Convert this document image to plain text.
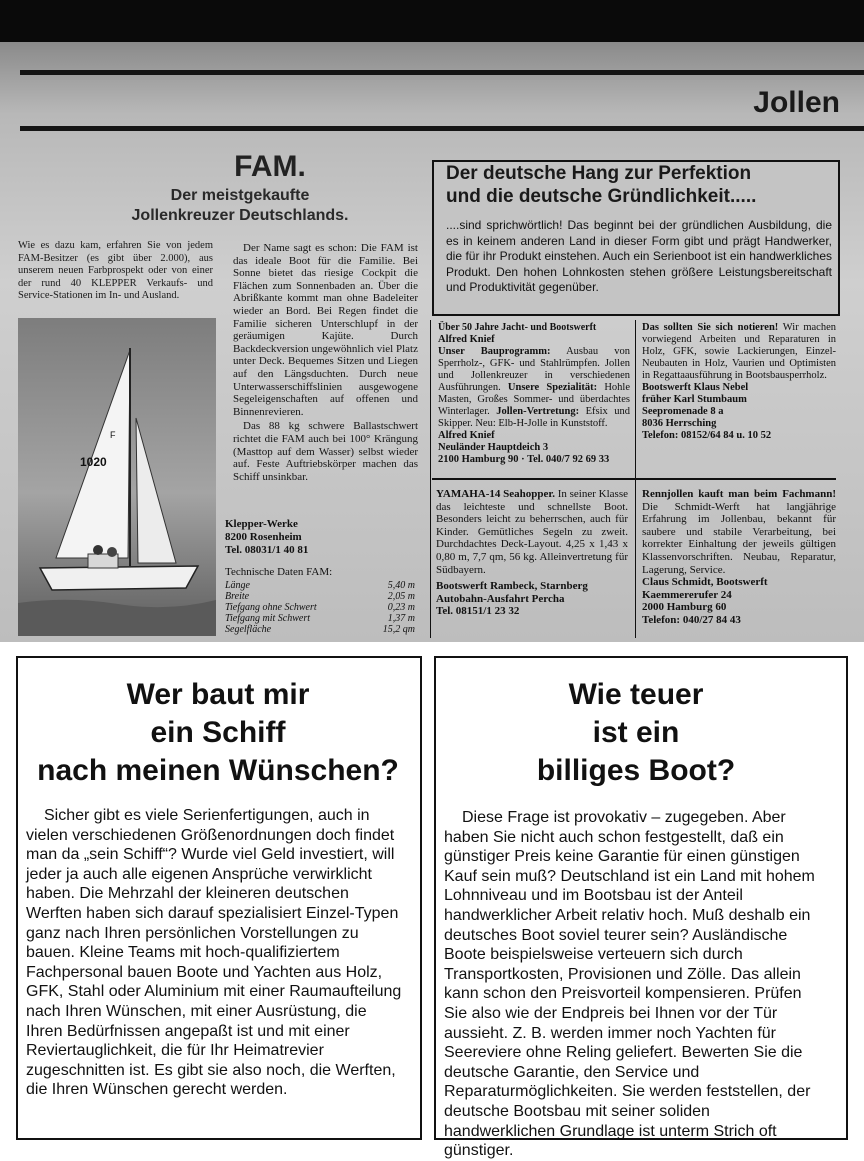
Jollen
FAM.
Der meistgekaufte
Jollenkreuzer Deutschlands.
Wie es dazu kam, erfahren Sie von jedem FAM-Besitzer (es gibt über 2.000), aus unserem neuen Farbprospekt oder von einer der rund 40 KLEPPER Verkaufs- und Service-Stationen im In- und Ausland.

Der Name sagt es schon: Die FAM ist das ideale Boot für die Familie. Bei Sonne bietet das riesige Cockpit die Flächen zum Sonnenbaden an. Über die Abrißkante kommt man ohne Badeleiter wieder an Bord. Bei Regen findet die Familie sicheren Unterschlupf in der geräumigen Kajüte. Durch Backdeckversion ungewöhnlich viel Platz unter Deck. Bequemes Sitzen und Liegen auf den Längsduchten. Durch neue Unterwasserschiffslinien ausgewogene Segeleigenschaften auf offenen und Binnenrevieren.

Das 88 kg schwere Ballastschwert richtet die FAM auch bei 100° Krängung (Masttop auf dem Wasser) selbst wieder auf. Feste Auftriebskörper machen das Schiff unsinkbar.

1020
F
Klepper-Werke
8200 Rosenheim
Tel. 08031/1 40 81
Technische Daten FAM:
Länge	5,40 m
Breite	2,05 m
Tiefgang ohne Schwert	0,23 m
Tiefgang mit Schwert	1,37 m
Segelfläche	15,2 qm
Der deutsche Hang zur Perfektion
und die deutsche Gründlichkeit.....
....sind sprichwörtlich! Das beginnt bei der gründlichen Ausbildung, die es in keinem anderen Land in dieser Form gibt und prägt Handwerker, die für ihr Produkt einstehen. Auch ein Serienboot ist ein handwerkliches Produkt. Den hohen Lohnkosten stehen größere Leistungsbereitschaft und Produktivität gegenüber.
Über 50 Jahre Jacht- und Bootswerft
Alfred Knief
Unser Bauprogramm: Ausbau von Sperrholz-, GFK- und Stahlrümpfen. Jollen und Jollenkreuzer in verschiedenen Ausführungen. Unsere Spezialität: Hohle Masten, Großes Sommer- und überdachtes Winterlager. Jollen-Vertretung: Efsix und Skipper. Neu: Elb-H-Jolle in Kunststoff.
Alfred Knief
Neuländer Hauptdeich 3
2100 Hamburg 90 · Tel. 040/7 92 69 33
Das sollten Sie sich notieren! Wir machen vorwiegend Arbeiten und Reparaturen in Holz, GFK, sowie Lackierungen, Einzel-Neubauten in Holz, Vaurien und Optimisten in Regattaausführung in Bootsbausperrholz.
Bootswerft Klaus Nebel
früher Karl Stumbaum
Seepromenade 8 a
8036 Herrsching
Telefon: 08152/64 84 u. 10 52
YAMAHA-14 Seahopper. In seiner Klasse das leichteste und schnellste Boot. Besonders leicht zu beherrschen, auch für Kinder. Gemütliches Segeln zu zweit. Durchdachtes Deck-Layout. 4,25 x 1,43 x 0,80 m, 7,7 qm, 56 kg. Alleinvertretung für Südbayern.
Bootswerft Rambeck, Starnberg
Autobahn-Ausfahrt Percha
Tel. 08151/1 23 32
Rennjollen kauft man beim Fachmann! Die Schmidt-Werft hat langjährige Erfahrung im Jollenbau, bekannt für saubere und stabile Verarbeitung, bei korrekter Einhaltung der jeweils gültigen Klassenvorschriften. Neubau, Reparatur, Lagerung, Service.
Claus Schmidt, Bootswerft
Kaemmererufer 24
2000 Hamburg 60
Telefon: 040/27 84 43
Wer baut mir
ein Schiff
nach meinen Wünschen?
Sicher gibt es viele Serienfertigungen, auch in vielen verschiedenen Größenordnungen doch findet man da „sein Schiff“? Wurde viel Geld investiert, will jeder ja auch alle eigenen Ansprüche verwirklicht haben. Die Mehrzahl der kleineren deutschen Werften haben sich darauf spezialisiert Einzel-Typen ganz nach Ihren persönlichen Vorstellungen zu bauen. Kleine Teams mit hoch-qualifiziertem Fachpersonal bauen Boote und Yachten aus Holz, GFK, Stahl oder Aluminium mit einer Raumaufteilung nach Ihren Wünschen, mit einer Ausrüstung, die Ihren Bedürfnissen angepaßt ist und mit einer Reviertauglichkeit, die für Ihr Heimatrevier zugeschnitten ist. Es gibt sie also noch, die Werften, die Ihren Wünschen gerecht werden.
Wie teuer
ist ein
billiges Boot?
Diese Frage ist provokativ – zugegeben. Aber haben Sie nicht auch schon festgestellt, daß ein günstiger Preis keine Garantie für einen günstigen Kauf sein muß? Deutschland ist ein Land mit hohem Lohnniveau und im Bootsbau ist der Anteil handwerklicher Arbeit relativ hoch. Muß deshalb ein deutsches Boot soviel teurer sein? Ausländische Boote beispielsweise verteuern sich durch Transportkosten, Provisionen und Zölle. Das allein kann schon den Preisvorteil kompensieren. Prüfen Sie also wie der Endpreis bei Ihnen vor der Tür aussieht. Z. B. werden immer noch Yachten für Seereviere ohne Reling geliefert. Bewerten Sie die deutsche Garantie, den Service und Reparaturmöglichkeiten. Sie werden feststellen, der deutsche Bootsbau mit seiner soliden handwerklichen Grundlage ist unterm Strich oft günstiger.
